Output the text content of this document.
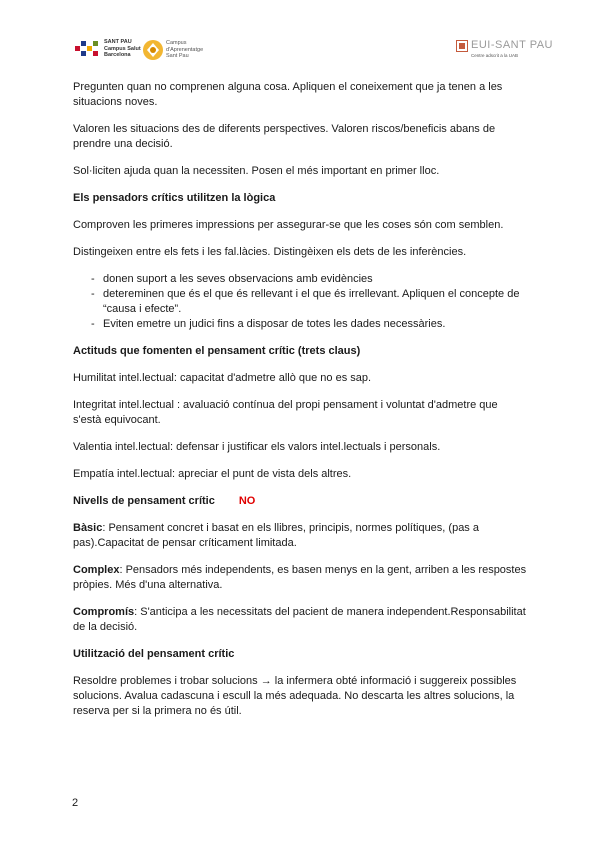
SANT PAU
Campus Salut
Barcelona
Campus
d'Aprenentatge
Sant Pau
EUI-SANT PAU
Centre adscrit a la UAB

Pregunten quan no comprenen alguna cosa. Apliquen el coneixement que ja tenen a les situacions noves.

Valoren les situacions des de diferents perspectives. Valoren riscos/beneficis abans de prendre una decisió.

Sol·liciten ajuda quan la necessiten. Posen el més important en primer lloc.

Els pensadors crítics utilitzen la lògica

Comproven les primeres impressions per assegurar-se que les coses són com semblen.

Distingeixen entre els fets i les fal.làcies. Distingèixen els dets de les inferències.

- donen suport a les seves observacions amb evidències
- detereminen que és el que és rellevant i el que és irrellevant. Apliquen el concepte de “causa i efecte”.
- Eviten emetre un judici fins a disposar de totes les dades necessàries.
Actituds que fomenten el pensament crític (trets claus)

Humilitat intel.lectual: capacitat d'admetre allò que no es sap.

Integritat intel.lectual : avaluació contínua del propi pensament i voluntat d'admetre que s'està equivocant.

Valentia intel.lectual: defensar i justificar els valors intel.lectuals i personals.

Empatía intel.lectual: apreciar el punt de vista dels altres.

Nivells de pensament crític NO

Bàsic: Pensament concret i basat en els llibres, principis, normes polítiques, (pas a pas).Capacitat de pensar críticament limitada.

Complex: Pensadors més independents, es basen menys en la gent, arriben a les respostes pròpies. Més d'una alternativa.

Compromís: S'anticipa a les necessitats del pacient de manera independent.Responsabilitat de la decisió.

Utilització del pensament crític

Resoldre problemes i trobar solucions → la infermera obté informació i suggereix possibles solucions. Avalua cadascuna i escull la més adequada. No descarta les altres solucions, la reserva per si la primera no és útil.

2
